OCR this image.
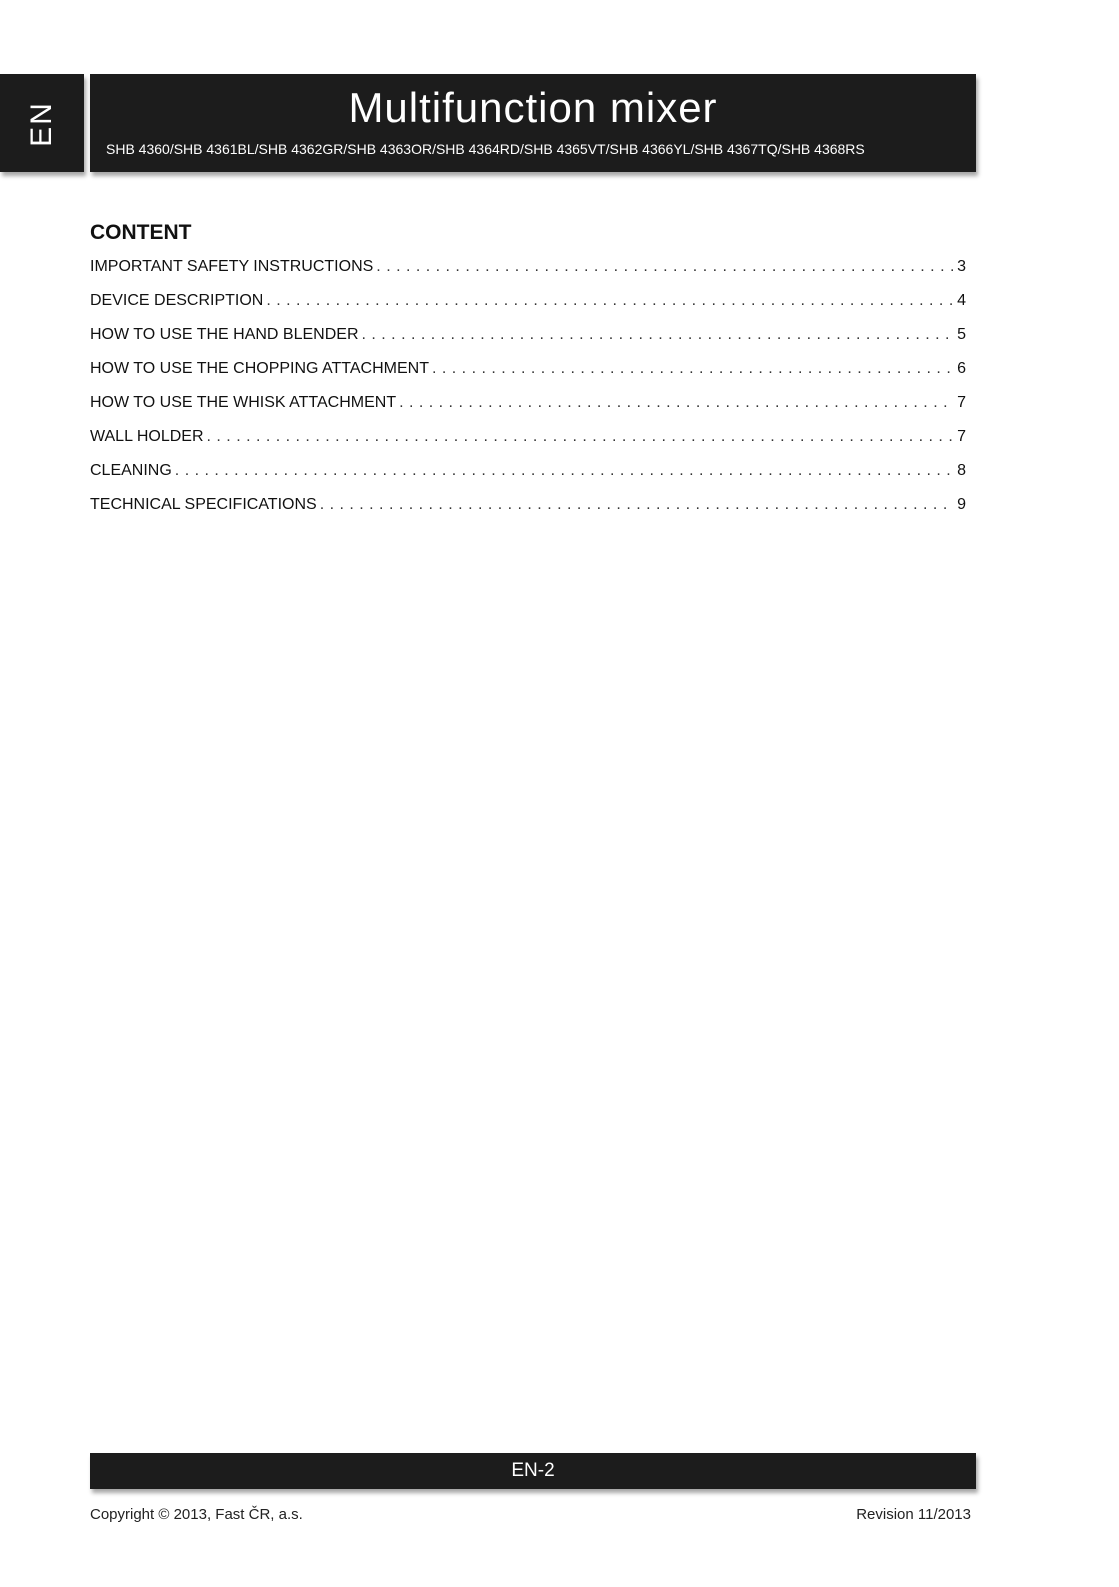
EN	Multifunction mixer
SHB 4360/SHB 4361BL/SHB 4362GR/SHB 4363OR/SHB 4364RD/SHB 4365VT/SHB 4366YL/SHB 4367TQ/SHB 4368RS
CONTENT
IMPORTANT SAFETY INSTRUCTIONS . . .	3
DEVICE DESCRIPTION . . .	4
HOW TO USE THE HAND BLENDER . . .	5
HOW TO USE THE CHOPPING ATTACHMENT . . .	6
HOW TO USE THE WHISK ATTACHMENT . . .	7
WALL HOLDER . . .	7
CLEANING . . .	8
TECHNICAL SPECIFICATIONS . . .	9
EN-2
Copyright © 2013, Fast ČR, a.s.	Revision 11/2013
